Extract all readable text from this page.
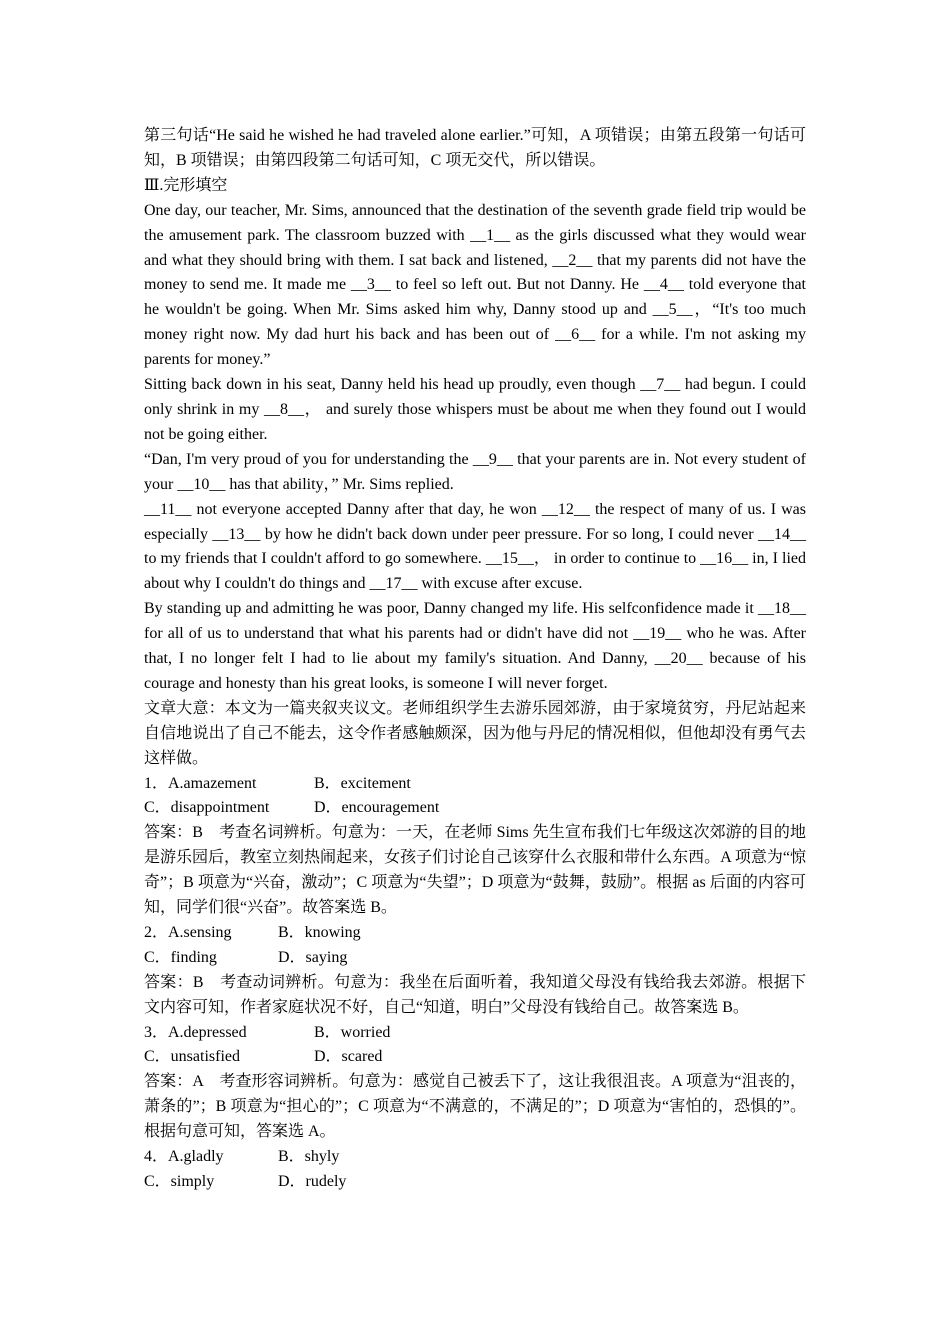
第三句话“He said he wished he had traveled alone earlier.”可知，A 项错误；由第五段第一句话可知，B 项错误；由第四段第二句话可知，C 项无交代，所以错误。

Ⅲ.完形填空

One day, our teacher, Mr. Sims, announced that the destination of the seventh grade field trip would be the amusement park. The classroom buzzed with __1__ as the girls discussed what they would wear and what they should bring with them. I sat back and listened, __2__ that my parents did not have the money to send me. It made me __3__ to feel so left out. But not Danny. He __4__ told everyone that he wouldn't be going. When Mr. Sims asked him why, Danny stood up and __5__，“It's too much money right now. My dad hurt his back and has been out of __6__ for a while. I'm not asking my parents for money.”

Sitting back down in his seat, Danny held his head up proudly, even though __7__ had begun. I could only shrink in my __8__， and surely those whispers must be about me when they found out I would not be going either.

“Dan, I'm very proud of you for understanding the __9__ that your parents are in. Not every student of your __10__ has that ability，” Mr. Sims replied.

__11__ not everyone accepted Danny after that day, he won __12__ the respect of many of us. I was especially __13__ by how he didn't back down under peer pressure. For so long, I could never __14__ to my friends that I couldn't afford to go somewhere. __15__， in order to continue to __16__ in, I lied about why I couldn't do things and __17__ with excuse after excuse.

By standing up and admitting he was poor, Danny changed my life. His selfconfidence made it __18__ for all of us to understand that what his parents had or didn't have did not __19__ who he was. After that, I no longer felt I had to lie about my family's situation. And Danny, __20__ because of his courage and honesty than his great looks, is someone I will never forget.

文章大意：本文为一篇夹叙夹议文。老师组织学生去游乐园郊游，由于家境贫穷，丹尼站起来自信地说出了自己不能去，这令作者感触颇深，因为他与丹尼的情况相似，但他却没有勇气去这样做。

1．A.amazement	B．excitement
C．disappointment	D．encouragement

答案：B　考查名词辨析。句意为：一天，在老师 Sims 先生宣布我们七年级这次郊游的目的地是游乐园后，教室立刻热闹起来，女孩子们讨论自己该穿什么衣服和带什么东西。A 项意为“惊奇”；B 项意为“兴奋，激动”；C 项意为“失望”；D 项意为“鼓舞，鼓励”。根据 as 后面的内容可知，同学们很“兴奋”。故答案选 B。

2．A.sensing	B．knowing
C．finding	D．saying

答案：B　考查动词辨析。句意为：我坐在后面听着，我知道父母没有钱给我去郊游。根据下文内容可知，作者家庭状况不好，自己“知道，明白”父母没有钱给自己。故答案选 B。

3．A.depressed	B．worried
C．unsatisfied	D．scared

答案：A　考查形容词辨析。句意为：感觉自己被丢下了，这让我很沮丧。A 项意为“沮丧的，萧条的”；B 项意为“担心的”；C 项意为“不满意的，不满足的”；D 项意为“害怕的，恐惧的”。根据句意可知，答案选 A。

4．A.gladly	B．shyly
C．simply	D．rudely
